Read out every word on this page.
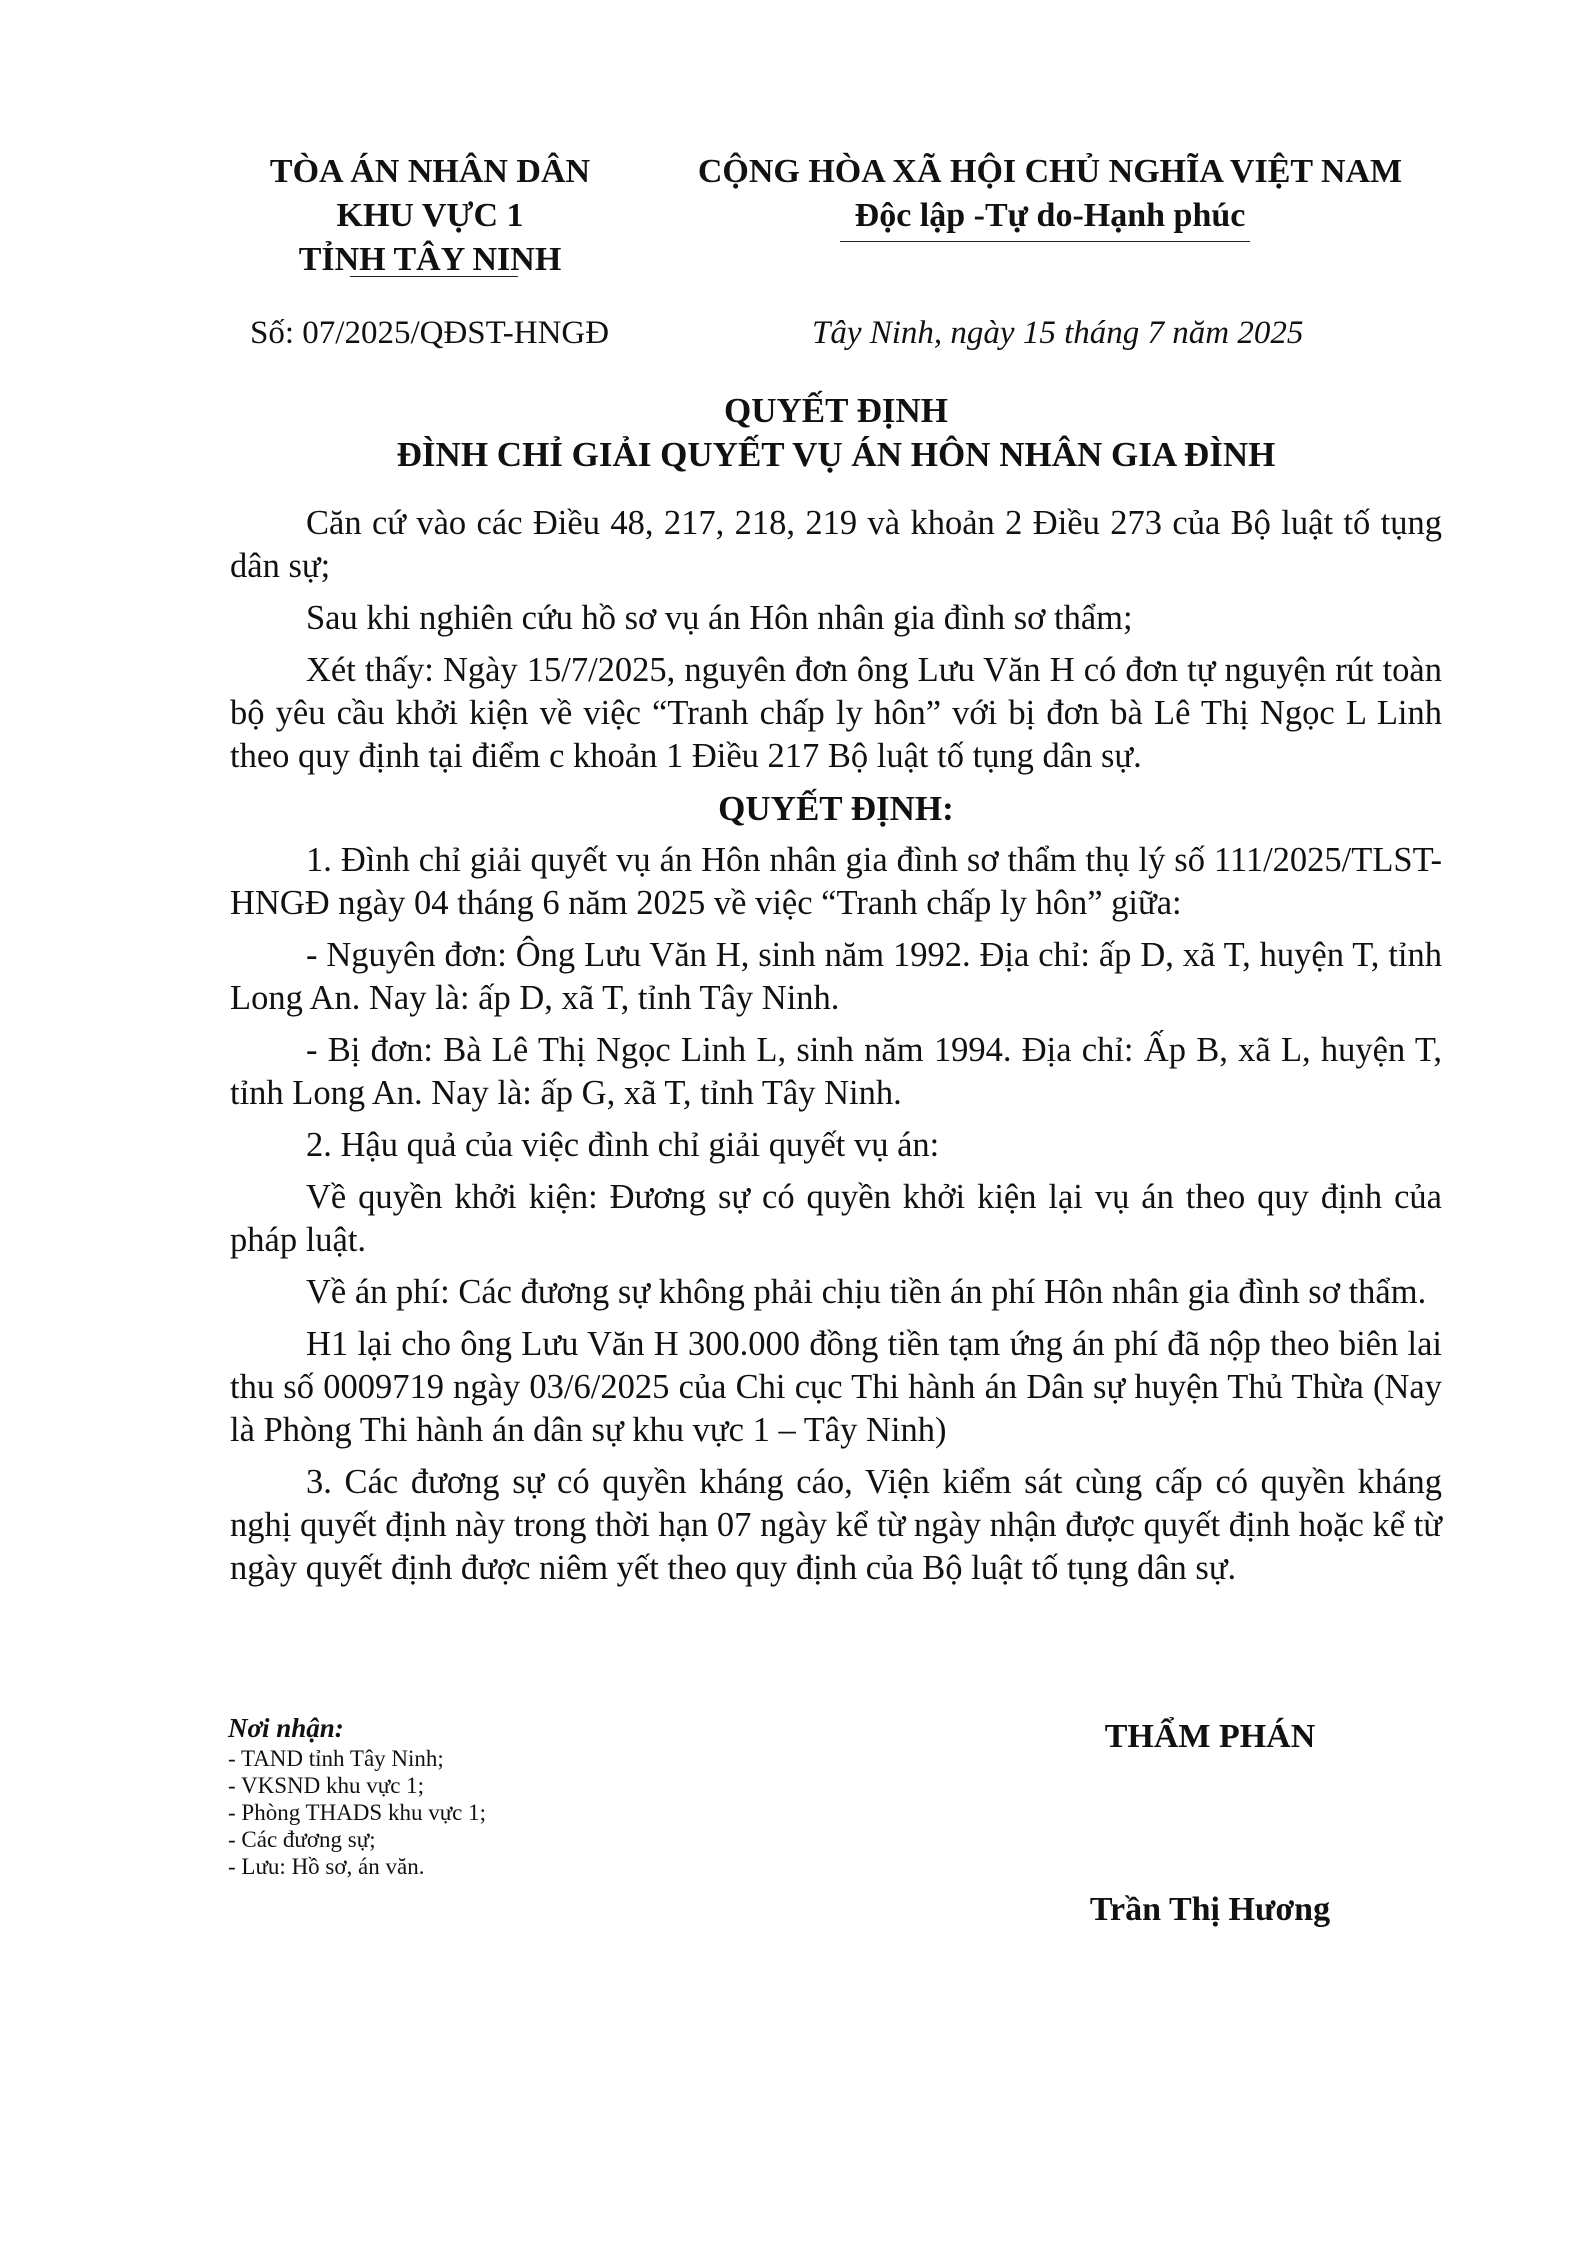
TÒA ÁN NHÂN DÂN
KHU VỰC 1
TỈNH TÂY NINH
CỘNG HÒA XÃ HỘI CHỦ NGHĨA VIỆT NAM
Độc lập -Tự do-Hạnh phúc
Số: 07/2025/QĐST-HNGĐ	Tây Ninh, ngày 15 tháng 7 năm 2025
QUYẾT ĐỊNH
ĐÌNH CHỈ GIẢI QUYẾT VỤ ÁN HÔN NHÂN GIA ĐÌNH

Căn cứ vào các Điều 48, 217, 218, 219 và khoản 2 Điều 273 của Bộ luật tố tụng dân sự;

Sau khi nghiên cứu hồ sơ vụ án Hôn nhân gia đình sơ thẩm;

Xét thấy: Ngày 15/7/2025, nguyên đơn ông Lưu Văn H có đơn tự nguyện rút toàn bộ yêu cầu khởi kiện về việc “Tranh chấp ly hôn” với bị đơn bà Lê Thị Ngọc L Linh theo quy định tại điểm c khoản 1 Điều 217 Bộ luật tố tụng dân sự.

QUYẾT ĐỊNH:

1. Đình chỉ giải quyết vụ án Hôn nhân gia đình sơ thẩm thụ lý số 111/2025/TLST- HNGĐ ngày 04 tháng 6 năm 2025 về việc “Tranh chấp ly hôn” giữa:

- Nguyên đơn: Ông Lưu Văn H, sinh năm 1992. Địa chỉ: ấp D, xã T, huyện T, tỉnh Long An. Nay là: ấp D, xã T, tỉnh Tây Ninh.

- Bị đơn: Bà Lê Thị Ngọc Linh L, sinh năm 1994. Địa chỉ: Ấp B, xã L, huyện T, tỉnh Long An. Nay là: ấp G, xã T, tỉnh Tây Ninh.

2. Hậu quả của việc đình chỉ giải quyết vụ án:

Về quyền khởi kiện: Đương sự có quyền khởi kiện lại vụ án theo quy định của pháp luật.

Về án phí: Các đương sự không phải chịu tiền án phí Hôn nhân gia đình sơ thẩm.

H1 lại cho ông Lưu Văn H 300.000 đồng tiền tạm ứng án phí đã nộp theo biên lai thu số 0009719 ngày 03/6/2025 của Chi cục Thi hành án Dân sự huyện Thủ Thừa (Nay là Phòng Thi hành án dân sự khu vực 1 – Tây Ninh)

3. Các đương sự có quyền kháng cáo, Viện kiểm sát cùng cấp có quyền kháng nghị quyết định này trong thời hạn 07 ngày kể từ ngày nhận được quyết định hoặc kể từ ngày quyết định được niêm yết theo quy định của Bộ luật tố tụng dân sự.

Nơi nhận:
- TAND tỉnh Tây Ninh;
- VKSND khu vực 1;
- Phòng THADS khu vực 1;
- Các đương sự;
- Lưu: Hồ sơ, án văn.
THẨM PHÁN
Trần Thị Hương
